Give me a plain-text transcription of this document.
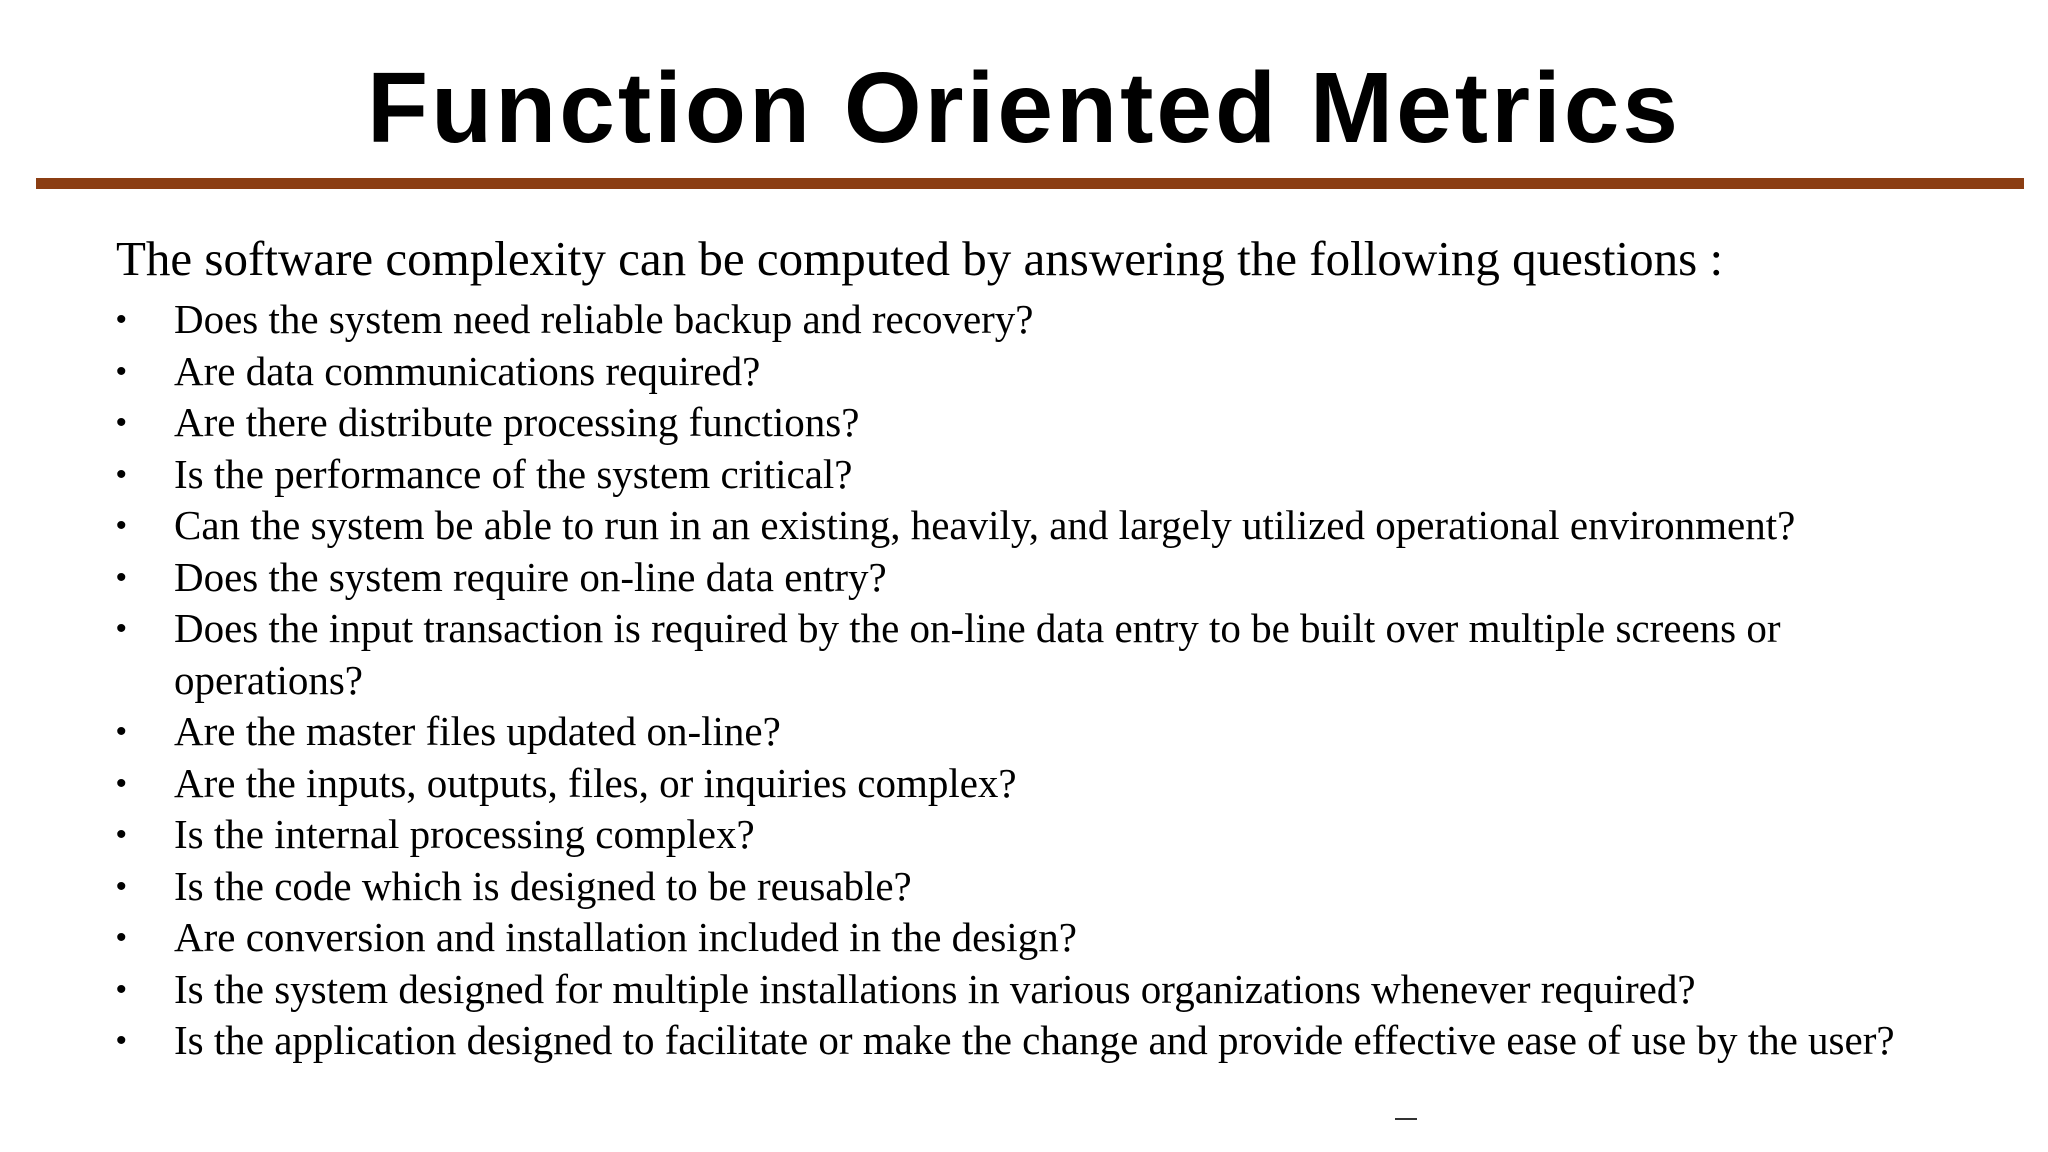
Function Oriented Metrics

The software complexity can be computed by answering the following questions :

• Does the system need reliable backup and recovery?
• Are data communications required?
• Are there distribute processing functions?
• Is the performance of the system critical?
• Can the system be able to run in an existing, heavily, and largely utilized operational environment?
• Does the system require on-line data entry?
• Does the input transaction is required by the on-line data entry to be built over multiple screens or operations?
• Are the master files updated on-line?
• Are the inputs, outputs, files, or inquiries complex?
• Is the internal processing complex?
• Is the code which is designed to be reusable?
• Are conversion and installation included in the design?
• Is the system designed for multiple installations in various organizations whenever required?
• Is the application designed to facilitate or make the change and provide effective ease of use by the user?
